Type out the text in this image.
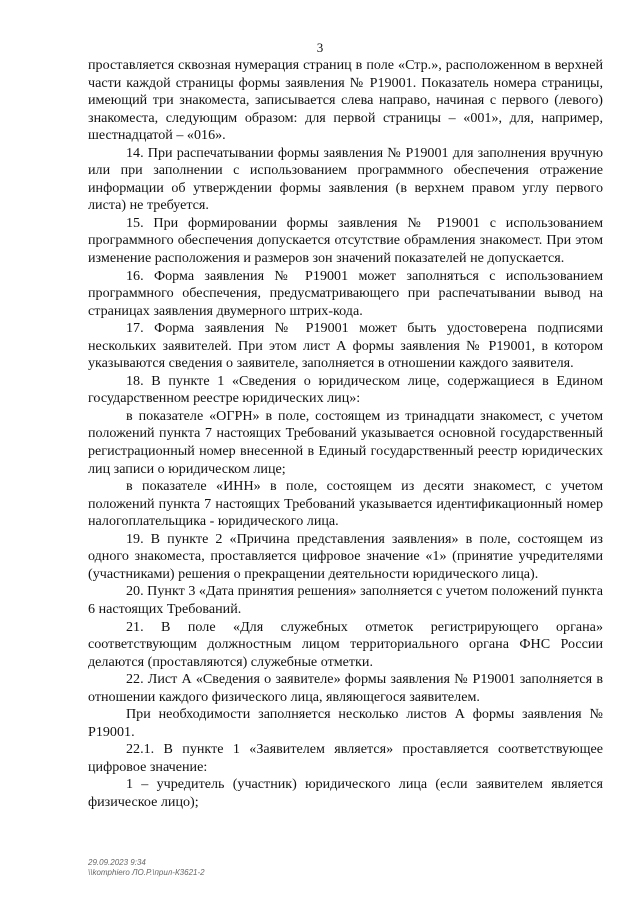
3

проставляется сквозная нумерация страниц в поле «Стр.», расположенном в верхней части каждой страницы формы заявления № Р19001. Показатель номера страницы, имеющий три знакоместа, записывается слева направо, начиная с первого (левого) знакоместа, следующим образом: для первой страницы – «001», для, например, шестнадцатой – «016».

14. При распечатывании формы заявления № Р19001 для заполнения вручную или при заполнении с использованием программного обеспечения отражение информации об утверждении формы заявления (в верхнем правом углу первого листа) не требуется.

15. При формировании формы заявления № Р19001 с использованием программного обеспечения допускается отсутствие обрамления знакомест. При этом изменение расположения и размеров зон значений показателей не допускается.

16. Форма заявления № Р19001 может заполняться с использованием программного обеспечения, предусматривающего при распечатывании вывод на страницах заявления двумерного штрих-кода.

17. Форма заявления № Р19001 может быть удостоверена подписями нескольких заявителей. При этом лист А формы заявления № Р19001, в котором указываются сведения о заявителе, заполняется в отношении каждого заявителя.

18. В пункте 1 «Сведения о юридическом лице, содержащиеся в Едином государственном реестре юридических лиц»:

в показателе «ОГРН» в поле, состоящем из тринадцати знакомест, с учетом положений пункта 7 настоящих Требований указывается основной государственный регистрационный номер внесенной в Единый государственный реестр юридических лиц записи о юридическом лице;

в показателе «ИНН» в поле, состоящем из десяти знакомест, с учетом положений пункта 7 настоящих Требований указывается идентификационный номер налогоплательщика - юридического лица.

19. В пункте 2 «Причина представления заявления» в поле, состоящем из одного знакоместа, проставляется цифровое значение «1» (принятие учредителями (участниками) решения о прекращении деятельности юридического лица).

20. Пункт 3 «Дата принятия решения» заполняется с учетом положений пункта 6 настоящих Требований.

21. В поле «Для служебных отметок регистрирующего органа» соответствующим должностным лицом территориального органа ФНС России делаются (проставляются) служебные отметки.

22. Лист А «Сведения о заявителе» формы заявления № Р19001 заполняется в отношении каждого физического лица, являющегося заявителем.

При необходимости заполняется несколько листов А формы заявления № Р19001.

22.1. В пункте 1 «Заявителем является» проставляется соответствующее цифровое значение:

1 – учредитель (участник) юридического лица (если заявителем является физическое лицо);

29.09.2023 9:34
\\komphiero ЛО.Р.\прил-К3621-2
